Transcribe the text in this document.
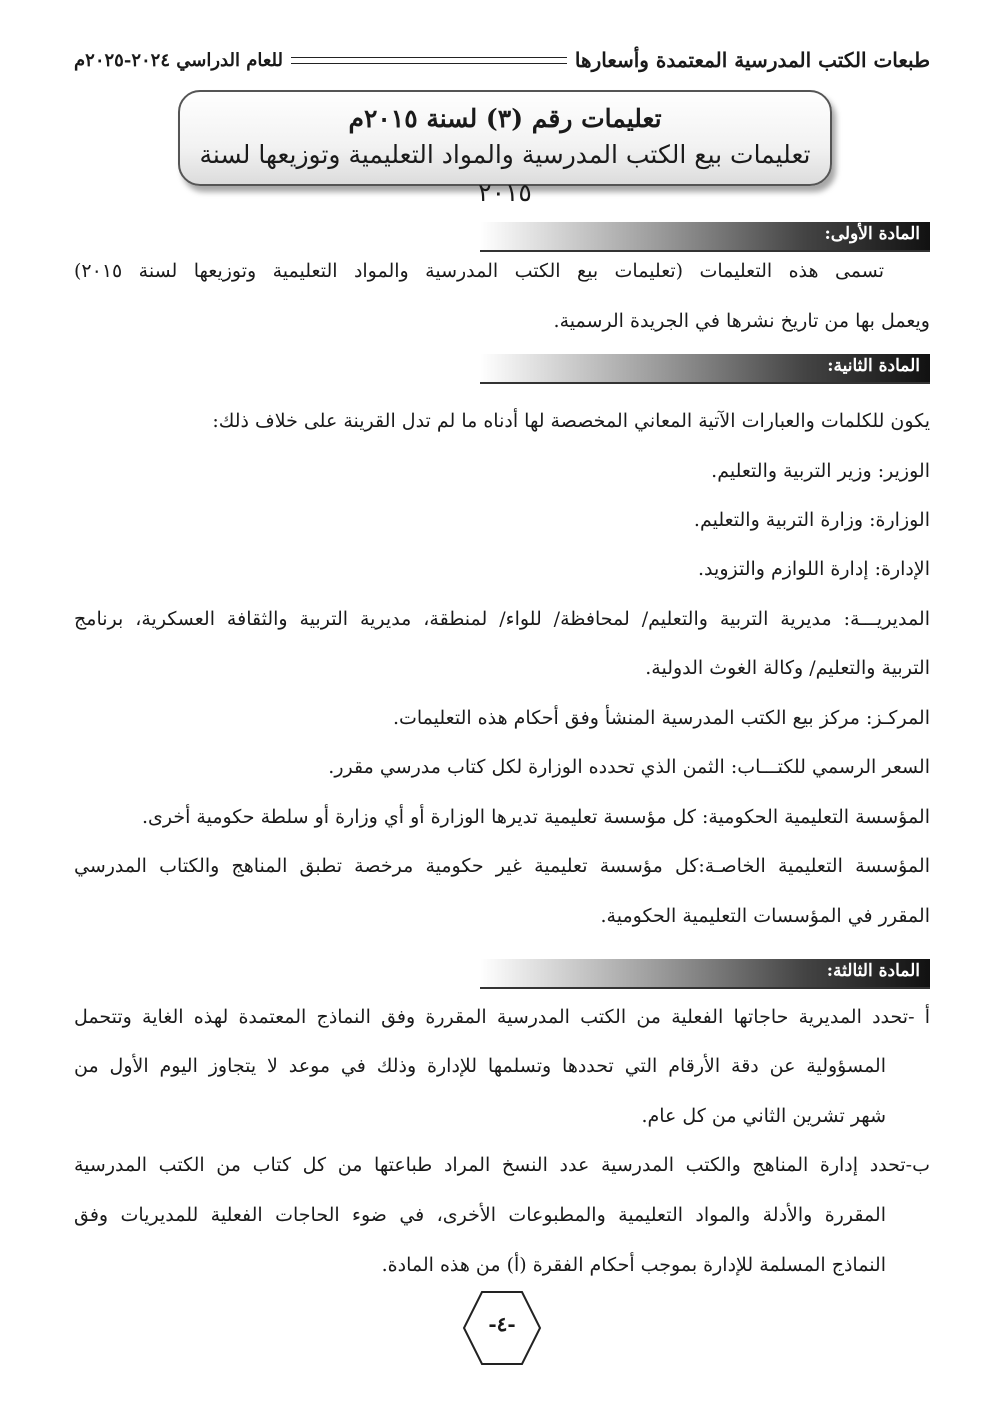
طبعات الكتب المدرسية المعتمدة وأسعارها
للعام الدراسي ٢٠٢٤-٢٠٢٥م
تعليمات رقم (٣) لسنة ٢٠١٥م
تعليمات بيع الكتب المدرسية والمواد التعليمية وتوزيعها لسنة ٢٠١٥
المادة الأولى:
تسمى هذه التعليمات (تعليمات بيع الكتب المدرسية والمواد التعليمية وتوزيعها لسنة ٢٠١٥)
ويعمل بها من تاريخ نشرها في الجريدة الرسمية.
المادة الثانية:
يكون للكلمات والعبارات الآتية المعاني المخصصة لها أدناه ما لم تدل القرينة على خلاف ذلك:
الوزير: وزير التربية والتعليم.
الوزارة: وزارة التربية والتعليم.
الإدارة: إدارة اللوازم والتزويد.
المديريـــة: مديرية التربية والتعليم/ لمحافظة/ للواء/ لمنطقة، مديرية التربية والثقافة العسكرية، برنامج
التربية والتعليم/ وكالة الغوث الدولية.
المركـز: مركز بيع الكتب المدرسية المنشأ وفق أحكام هذه التعليمات.
السعر الرسمي للكتـــاب: الثمن الذي تحدده الوزارة لكل كتاب مدرسي مقرر.
المؤسسة التعليمية الحكومية: كل مؤسسة تعليمية تديرها الوزارة أو أي وزارة أو سلطة حكومية أخرى.
المؤسسة التعليمية الخاصـة:كل مؤسسة تعليمية غير حكومية مرخصة تطبق المناهج والكتاب المدرسي
المقرر في المؤسسات التعليمية الحكومية.
المادة الثالثة:
أ -تحدد المديرية حاجاتها الفعلية من الكتب المدرسية المقررة وفق النماذج المعتمدة لهذه الغاية وتتحمل
المسؤولية عن دقة الأرقام التي تحددها وتسلمها للإدارة وذلك في موعد لا يتجاوز اليوم الأول من
شهر تشرين الثاني من كل عام.
ب-تحدد إدارة المناهج والكتب المدرسية عدد النسخ المراد طباعتها من كل كتاب من الكتب المدرسية
المقررة والأدلة والمواد التعليمية والمطبوعات الأخرى، في ضوء الحاجات الفعلية للمديريات وفق
النماذج المسلمة للإدارة بموجب أحكام الفقرة (أ) من هذه المادة.
-٤-
